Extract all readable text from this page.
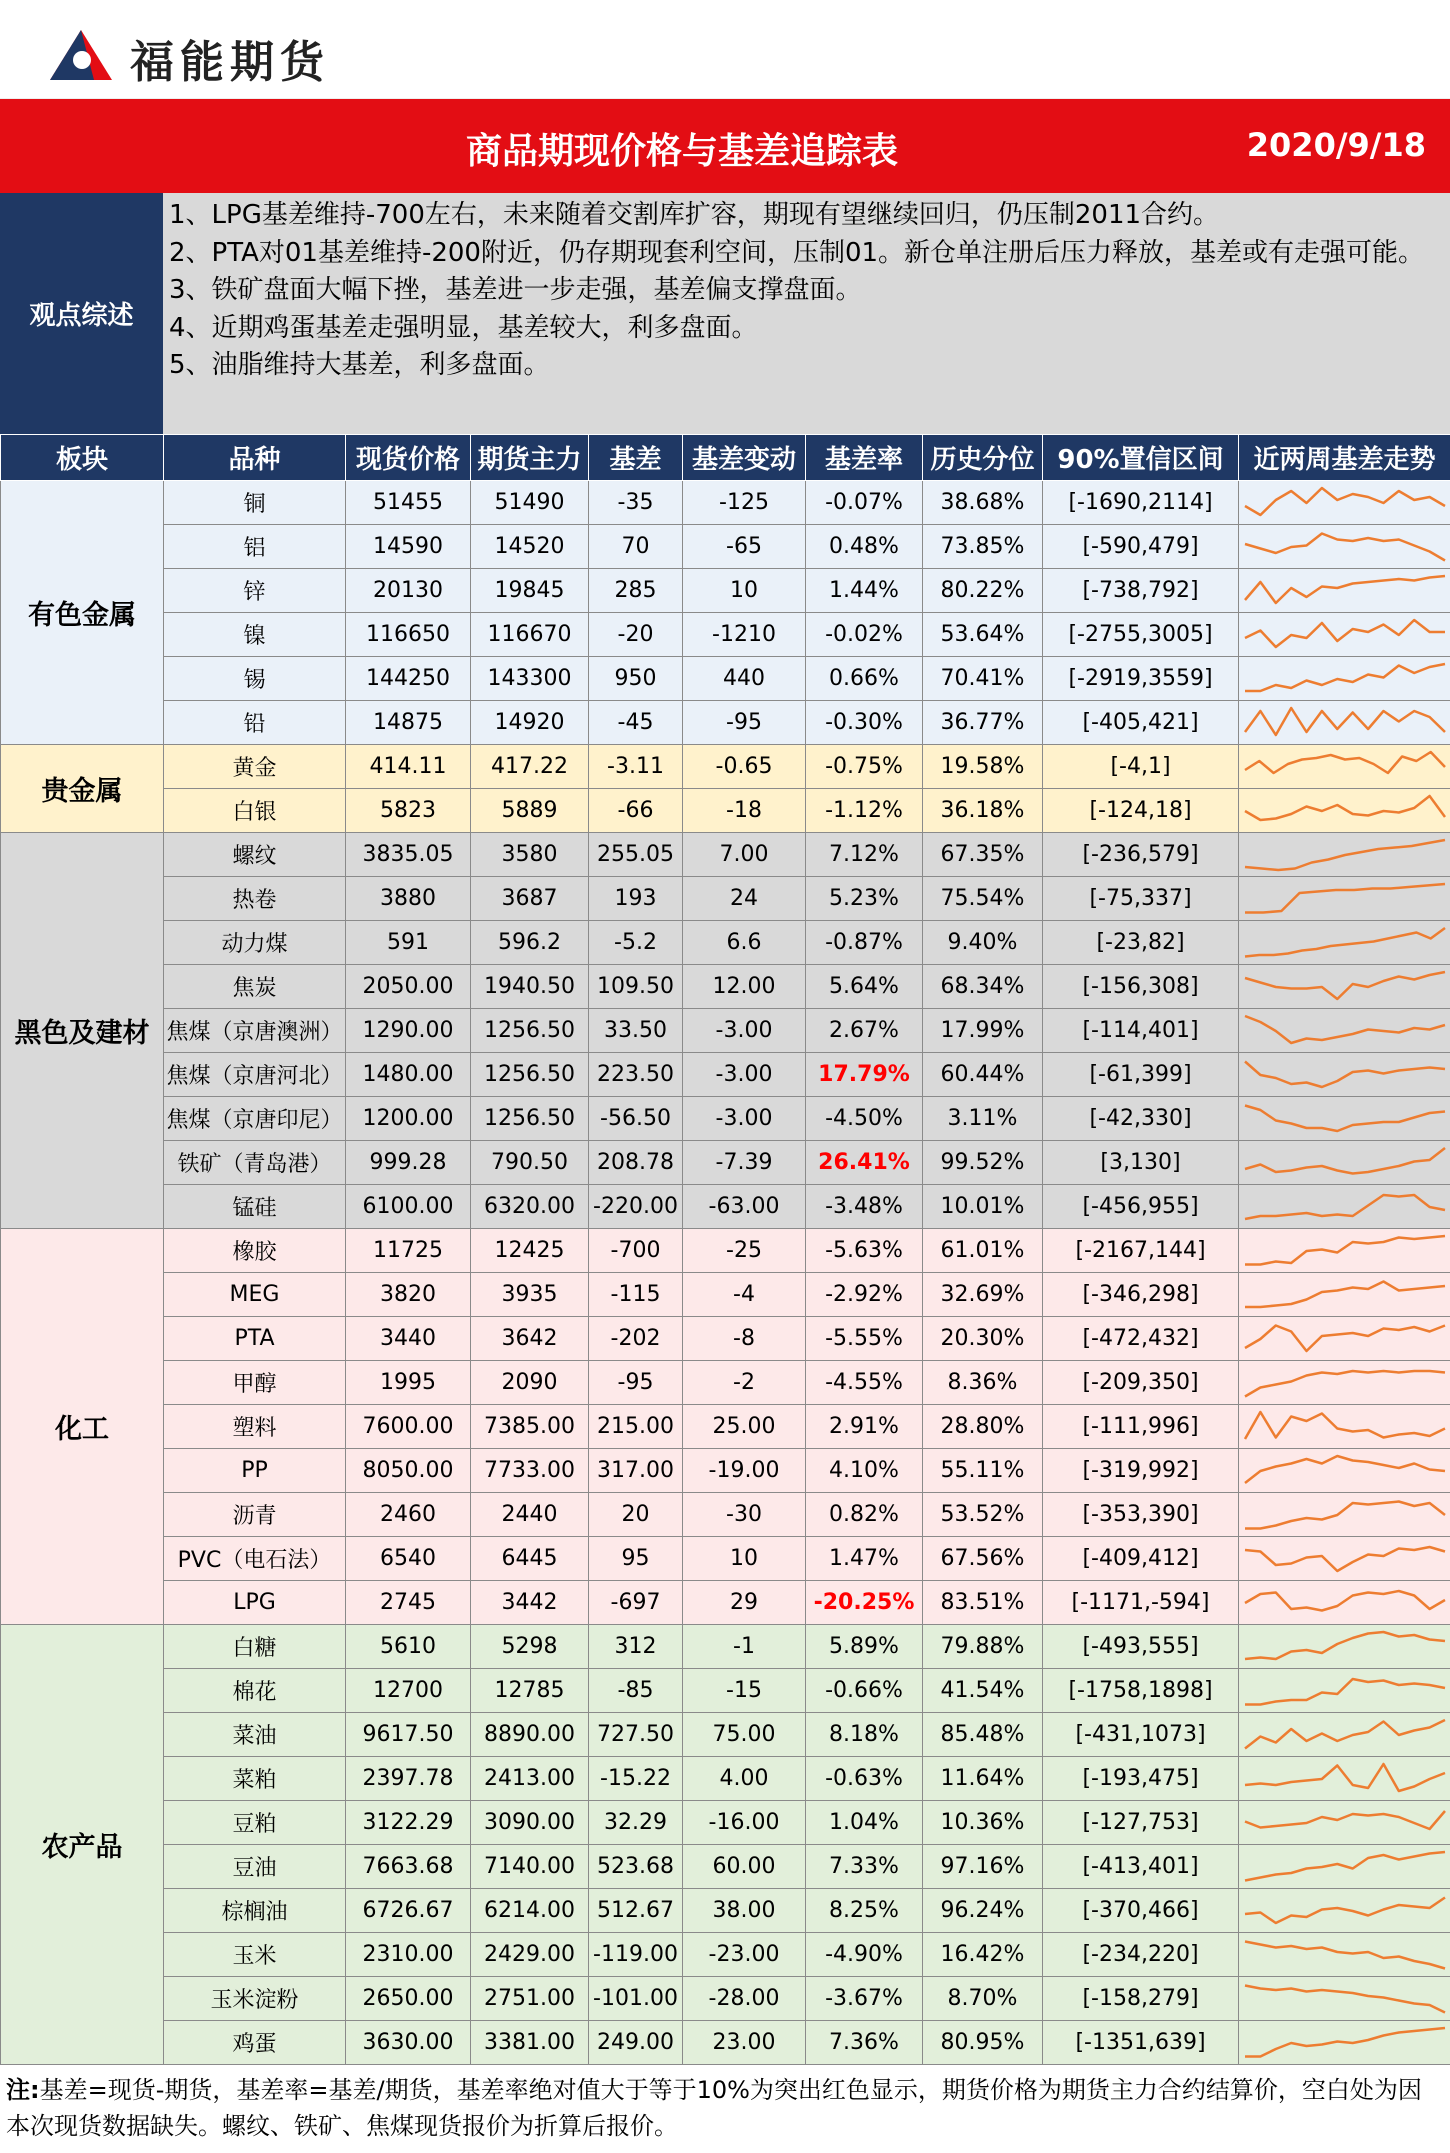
福能期货
商品期现价格与基差追踪表	2020/9/18
观点综述
1、LPG基差维持-700左右，未来随着交割库扩容，期现有望继续回归，仍压制2011合约。
2、PTA对01基差维持-200附近，仍存期现套利空间，压制01。新仓单注册后压力释放，基差或有走强可能。
3、铁矿盘面大幅下挫，基差进一步走强，基差偏支撑盘面。
4、近期鸡蛋基差走强明显，基差较大，利多盘面。
5、油脂维持大基差，利多盘面。
板块	品种	现货价格	期货主力	基差	基差变动	基差率	历史分位	90%置信区间	近两周基差走势
有色金属	铜	51455	51490	-35	-125	-0.07%	38.68%	[-1690,2114]	

	铝	14590	14520	70	-65	0.48%	73.85%	[-590,479]	

	锌	20130	19845	285	10	1.44%	80.22%	[-738,792]	

	镍	116650	116670	-20	-1210	-0.02%	53.64%	[-2755,3005]	

	锡	144250	143300	950	440	0.66%	70.41%	[-2919,3559]	

	铅	14875	14920	-45	-95	-0.30%	36.77%	[-405,421]	

贵金属	黄金	414.11	417.22	-3.11	-0.65	-0.75%	19.58%	[-4,1]	

	白银	5823	5889	-66	-18	-1.12%	36.18%	[-124,18]	

黑色及建材	螺纹	3835.05	3580	255.05	7.00	7.12%	67.35%	[-236,579]	

	热卷	3880	3687	193	24	5.23%	75.54%	[-75,337]	

	动力煤	591	596.2	-5.2	6.6	-0.87%	9.40%	[-23,82]	

	焦炭	2050.00	1940.50	109.50	12.00	5.64%	68.34%	[-156,308]	

	焦煤（京唐澳洲）	1290.00	1256.50	33.50	-3.00	2.67%	17.99%	[-114,401]	

	焦煤（京唐河北）	1480.00	1256.50	223.50	-3.00	17.79%	60.44%	[-61,399]	

	焦煤（京唐印尼）	1200.00	1256.50	-56.50	-3.00	-4.50%	3.11%	[-42,330]	

	铁矿（青岛港）	999.28	790.50	208.78	-7.39	26.41%	99.52%	[3,130]	

	锰硅	6100.00	6320.00	-220.00	-63.00	-3.48%	10.01%	[-456,955]	

化工	橡胶	11725	12425	-700	-25	-5.63%	61.01%	[-2167,144]	

	MEG	3820	3935	-115	-4	-2.92%	32.69%	[-346,298]	

	PTA	3440	3642	-202	-8	-5.55%	20.30%	[-472,432]	

	甲醇	1995	2090	-95	-2	-4.55%	8.36%	[-209,350]	

	塑料	7600.00	7385.00	215.00	25.00	2.91%	28.80%	[-111,996]	

	PP	8050.00	7733.00	317.00	-19.00	4.10%	55.11%	[-319,992]	

	沥青	2460	2440	20	-30	0.82%	53.52%	[-353,390]	

	PVC（电石法）	6540	6445	95	10	1.47%	67.56%	[-409,412]	

	LPG	2745	3442	-697	29	-20.25%	83.51%	[-1171,-594]	

农产品	白糖	5610	5298	312	-1	5.89%	79.88%	[-493,555]	

	棉花	12700	12785	-85	-15	-0.66%	41.54%	[-1758,1898]	

	菜油	9617.50	8890.00	727.50	75.00	8.18%	85.48%	[-431,1073]	

	菜粕	2397.78	2413.00	-15.22	4.00	-0.63%	11.64%	[-193,475]	

	豆粕	3122.29	3090.00	32.29	-16.00	1.04%	10.36%	[-127,753]	

	豆油	7663.68	7140.00	523.68	60.00	7.33%	97.16%	[-413,401]	

	棕榈油	6726.67	6214.00	512.67	38.00	8.25%	96.24%	[-370,466]	

	玉米	2310.00	2429.00	-119.00	-23.00	-4.90%	16.42%	[-234,220]	

	玉米淀粉	2650.00	2751.00	-101.00	-28.00	-3.67%	8.70%	[-158,279]	

	鸡蛋	3630.00	3381.00	249.00	23.00	7.36%	80.95%	[-1351,639]	
注:基差=现货-期货，基差率=基差/期货，基差率绝对值大于等于10%为突出红色显示，期货价格为期货主力合约结算价，空白处为因本次现货数据缺失。螺纹、铁矿、焦煤现货报价为折算后报价。
